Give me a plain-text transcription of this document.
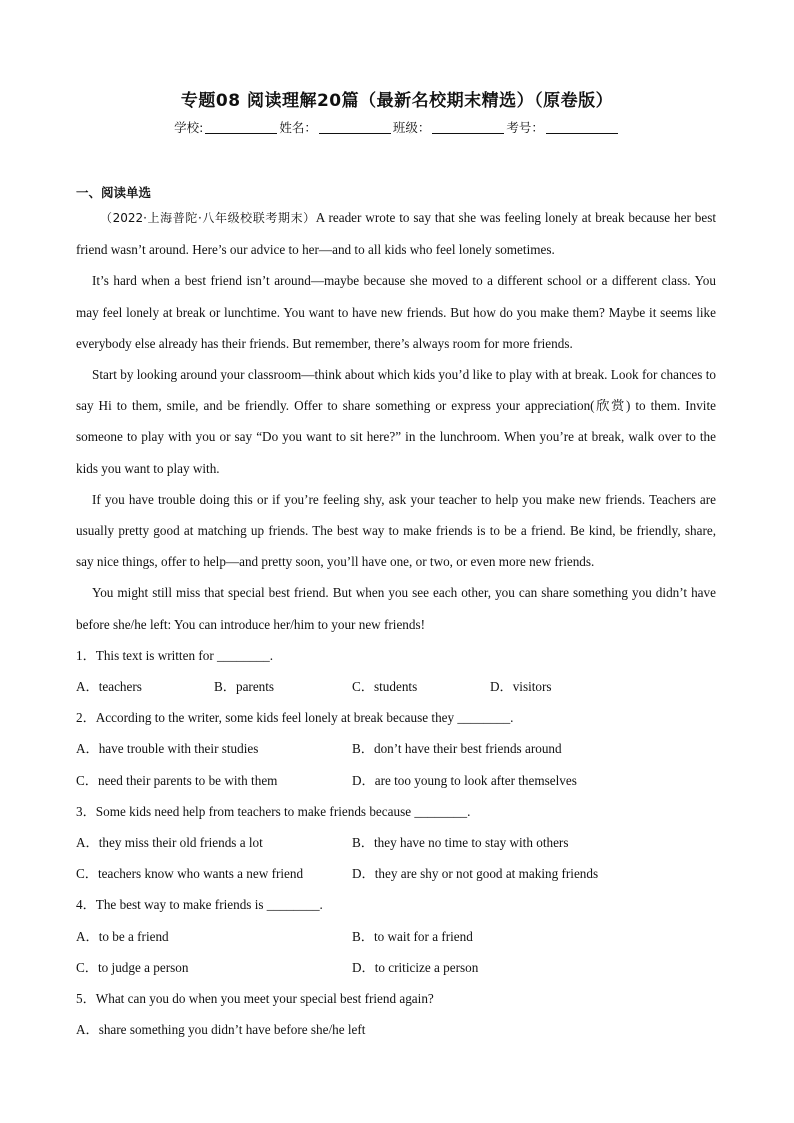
专题08 阅读理解20篇（最新名校期末精选）（原卷版）
学校:	姓名：	班级：	考号：
一、阅读单选

（2022·上海普陀·八年级校联考期末）A reader wrote to say that she was feeling lonely at break because her best friend wasn’t around. Here’s our advice to her—and to all kids who feel lonely sometimes.

It’s hard when a best friend isn’t around—maybe because she moved to a different school or a different class. You may feel lonely at break or lunchtime. You want to have new friends. But how do you make them? Maybe it seems like everybody else already has their friends. But remember, there’s always room for more friends.

Start by looking around your classroom—think about which kids you’d like to play with at break. Look for chances to say Hi to them, smile, and be friendly. Offer to share something or express your appreciation(欣赏) to them. Invite someone to play with you or say “Do you want to sit here?” in the lunchroom. When you’re at break, walk over to the kids you want to play with.

If you have trouble doing this or if you’re feeling shy, ask your teacher to help you make new friends. Teachers are usually pretty good at matching up friends. The best way to make friends is to be a friend. Be kind, be friendly, share, say nice things, offer to help—and pretty soon, you’ll have one, or two, or even more new friends.

You might still miss that special best friend. But when you see each other, you can share something you didn’t have before she/he left: You can introduce her/him to your new friends!

1．This text is written for ________.

A．teachers	B．parents	C．students	D．visitors

2．According to the writer, some kids feel lonely at break because they ________.

A．have trouble with their studies	B．don’t have their best friends around
C．need their parents to be with them	D．are too young to look after themselves

3．Some kids need help from teachers to make friends because ________.

A．they miss their old friends a lot	B．they have no time to stay with others
C．teachers know who wants a new friend	D．they are shy or not good at making friends

4．The best way to make friends is ________.

A．to be a friend	B．to wait for a friend
C．to judge a person	D．to criticize a person

5．What can you do when you meet your special best friend again?

A．share something you didn’t have before she/he left
